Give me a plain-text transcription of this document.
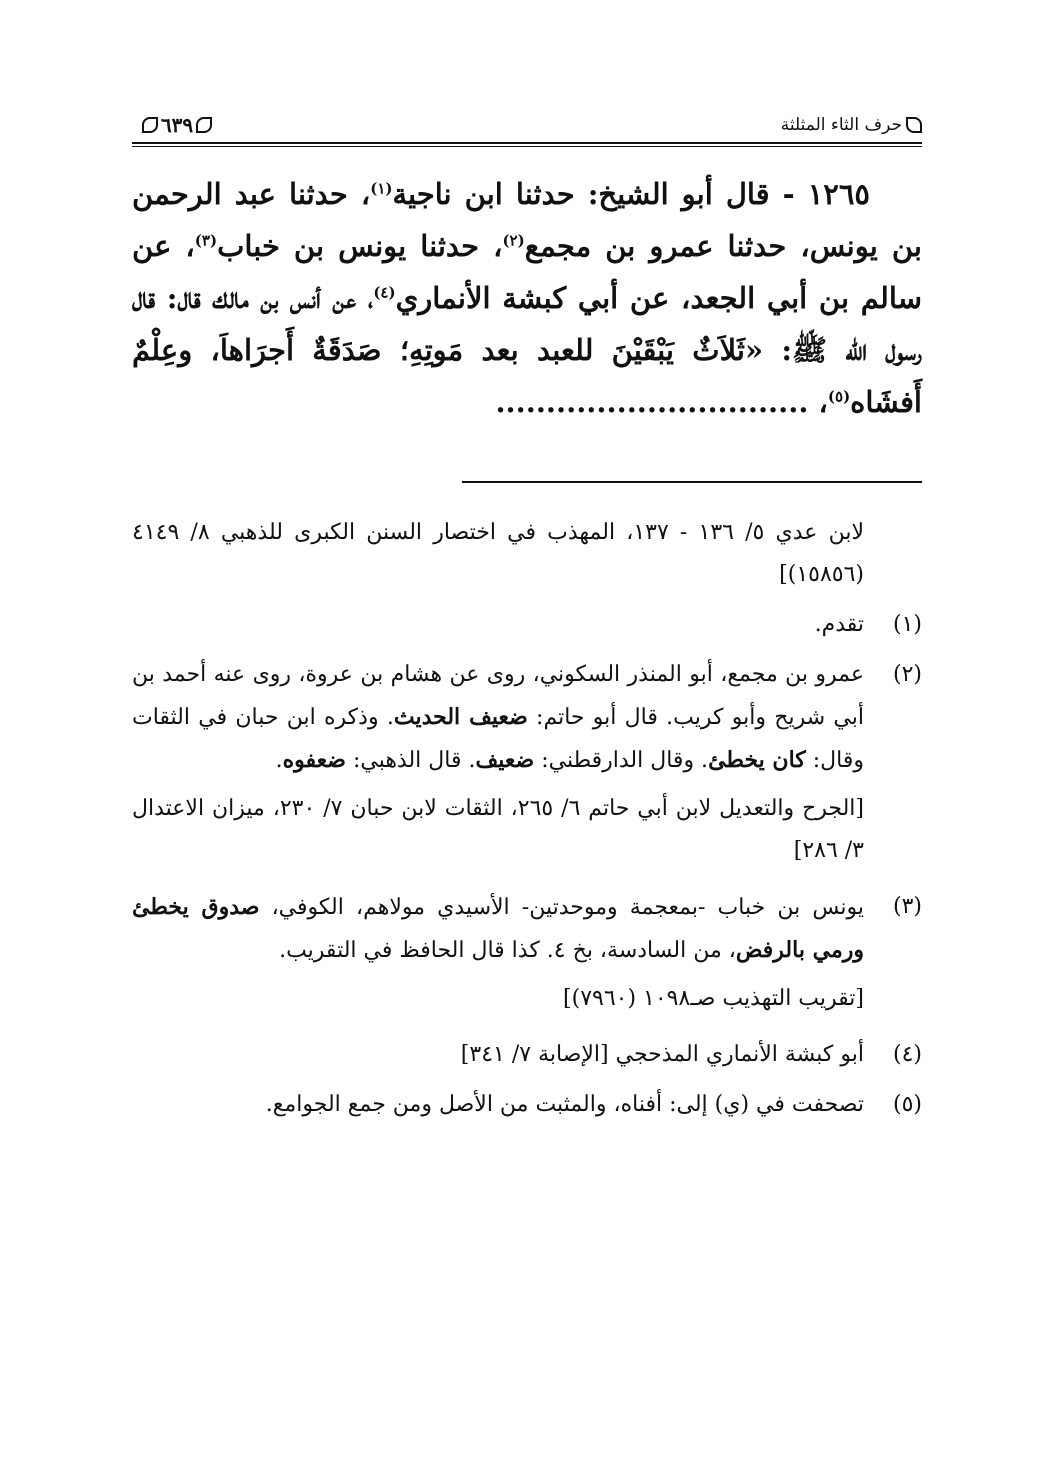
٦٣٩	حرف الثاء المثلثة

١٢٦٥ - قال أبو الشيخ: حدثنا ابن ناجية$^{(١)}$، حدثنا عبد الرحمن بن يونس، حدثنا عمرو بن مجمع$^{(٢)}$، حدثنا يونس بن خباب$^{(٣)}$، عن سالم بن أبي الجعد، عن أبي كبشة الأنماري$^{(٤)}$، عن أنس بن مالك قال: قال رسول الله ﷺ: «ثَلاَثٌ يَبْقَيْنَ للعبد بعد مَوتِهِ؛ صَدَقَةٌ أَجرَاهاَ، وعِلْمٌ أَفشَاه$^{(٥)}$، ...............................

لابن عدي ٥/ ١٣٦ - ١٣٧، المهذب في اختصار السنن الكبرى للذهبي ٨/ ٤١٤٩ (١٥٨٥٦)]
(١)
تقدم.
(٢)

عمرو بن مجمع، أبو المنذر السكوني، روى عن هشام بن عروة، روى عنه أحمد بن أبي شريح وأبو كريب. قال أبو حاتم: ضعيف الحديث. وذكره ابن حبان في الثقات وقال: كان يخطئ. وقال الدارقطني: ضعيف. قال الذهبي: ضعفوه.

[الجرح والتعديل لابن أبي حاتم ٦/ ٢٦٥، الثقات لابن حبان ٧/ ٢٣٠، ميزان الاعتدال ٣/ ٢٨٦]

(٣)

يونس بن خباب -بمعجمة وموحدتين- الأسيدي مولاهم، الكوفي، صدوق يخطئ ورمي بالرفض، من السادسة، بخ ٤. كذا قال الحافظ في التقريب.

[تقريب التهذيب صـ١٠٩٨ (٧٩٦٠)]

(٤)
أبو كبشة الأنماري المذحجي [الإصابة ٧/ ٣٤١]
(٥)
تصحفت في (ي) إلى: أفناه، والمثبت من الأصل ومن جمع الجوامع.
